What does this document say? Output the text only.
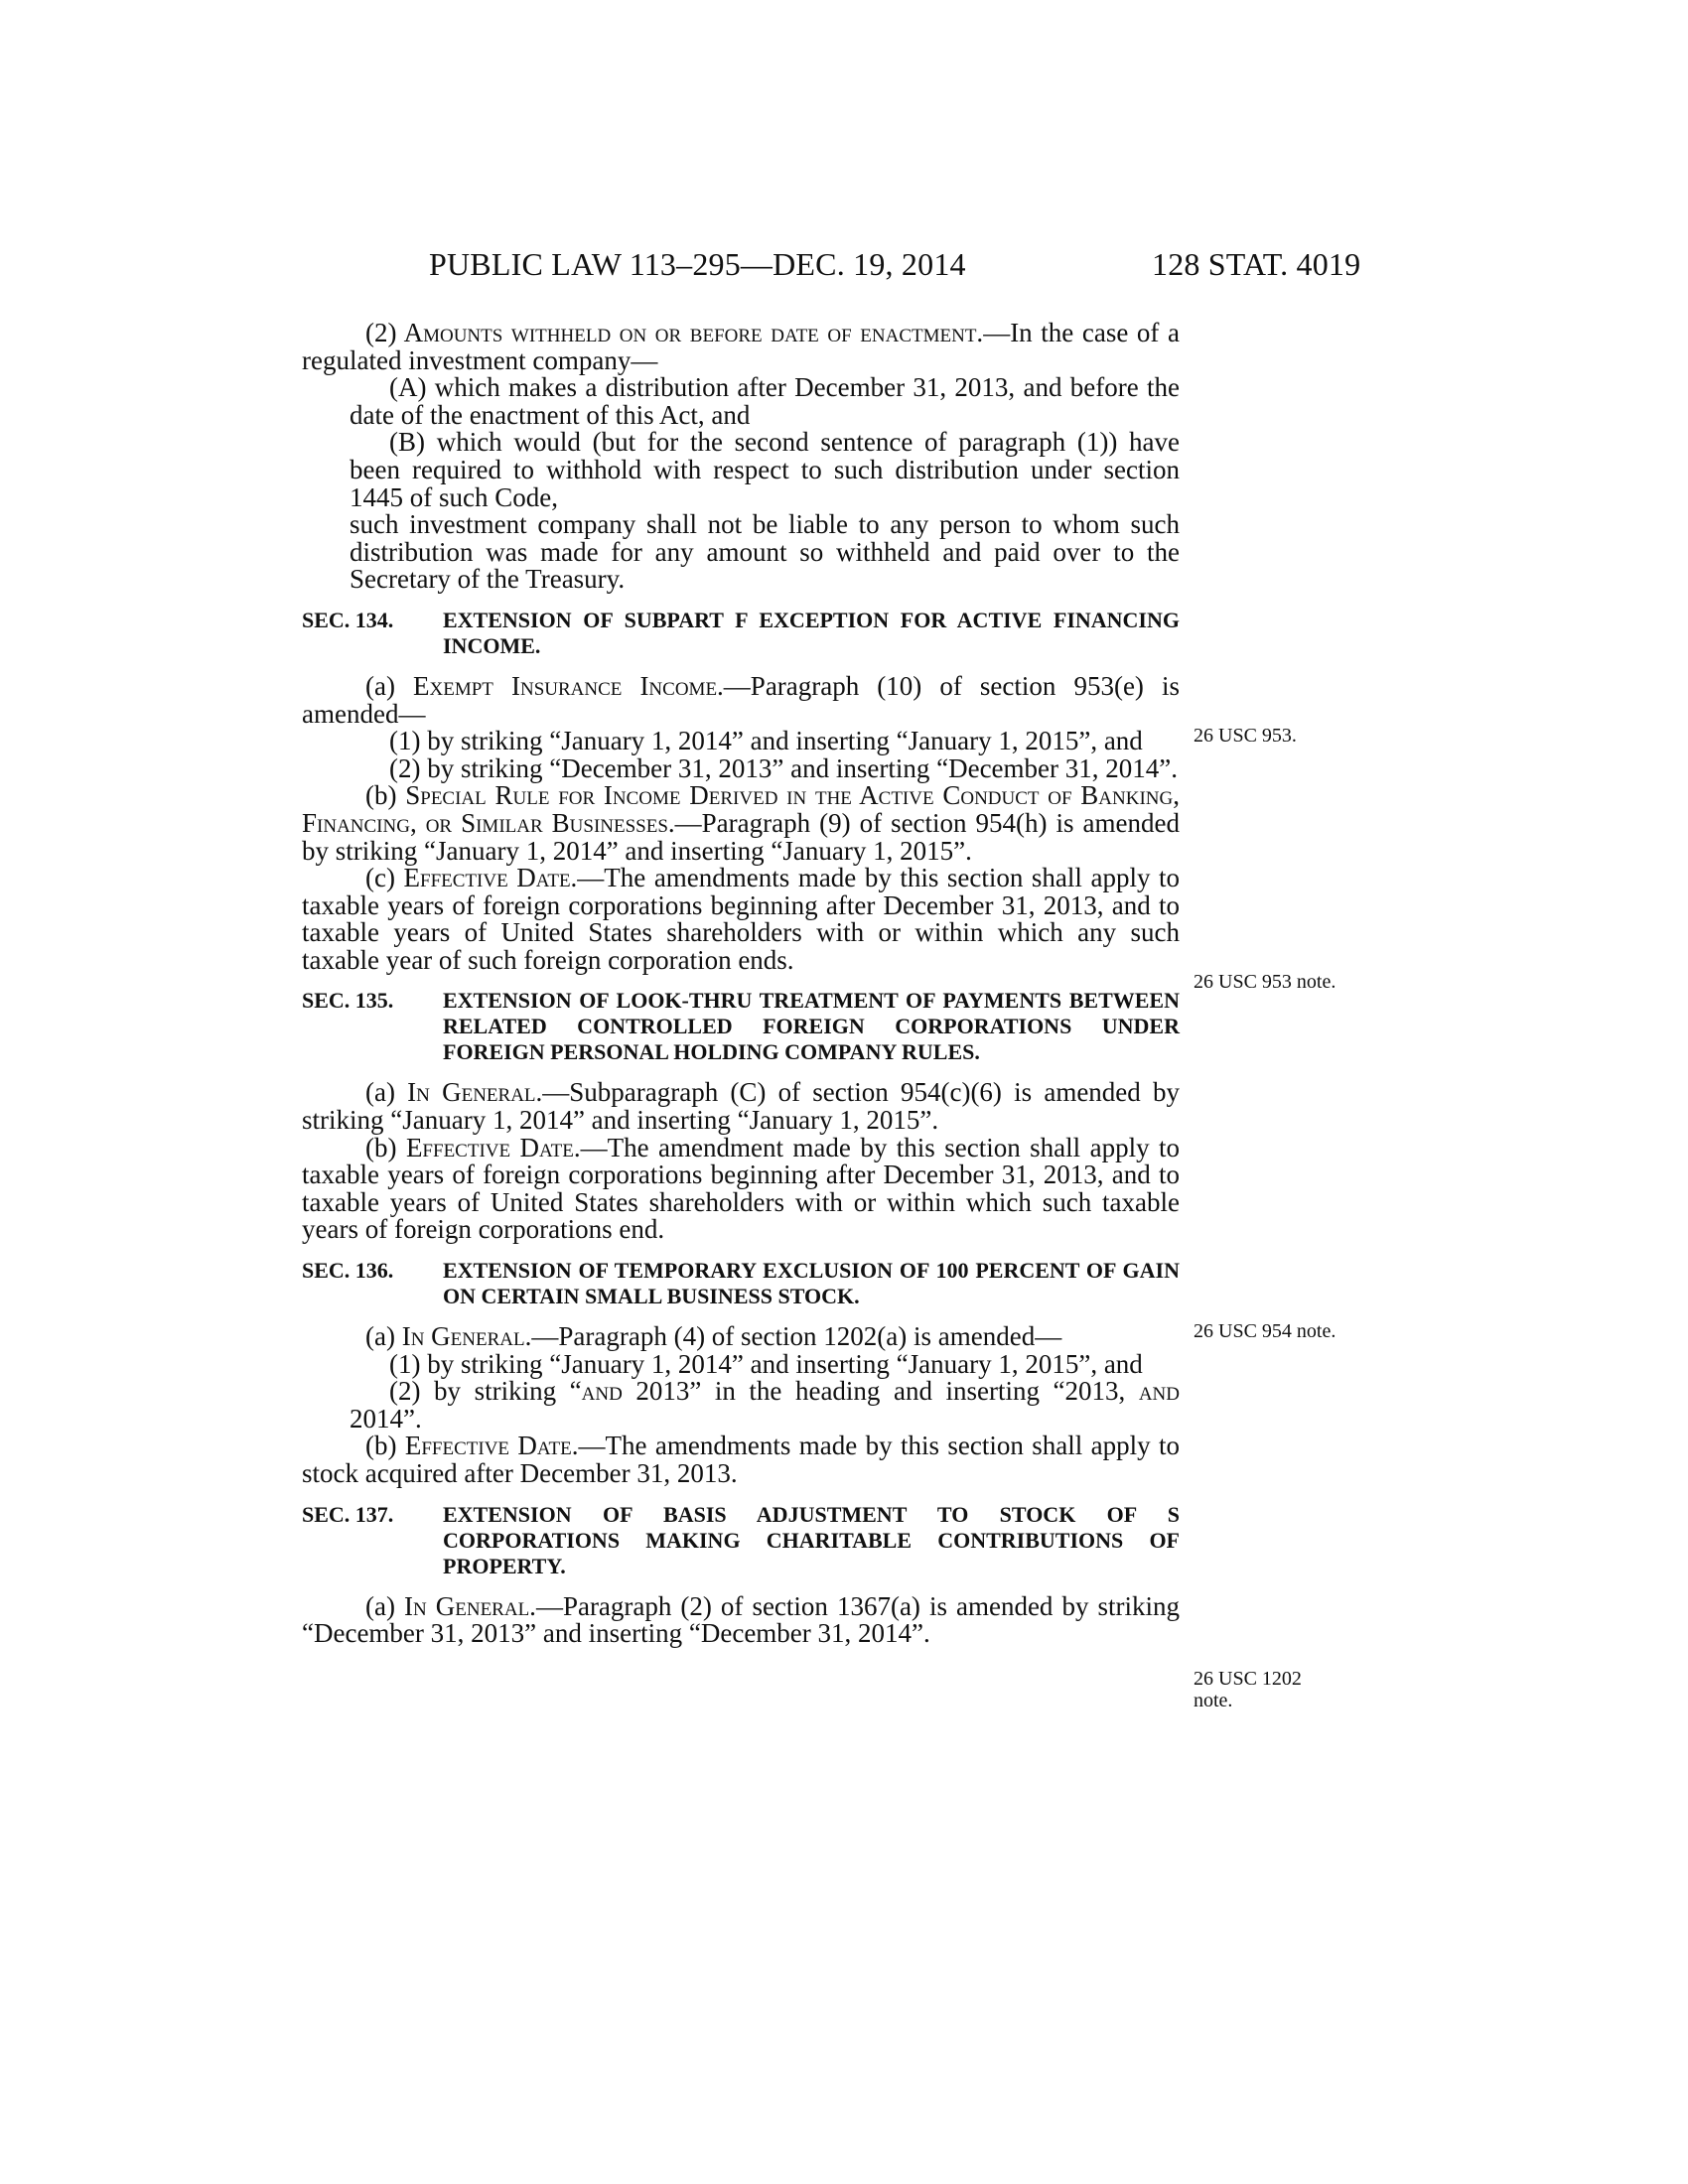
PUBLIC LAW 113–295—DEC. 19, 2014	128 STAT. 4019
26 USC 953.
26 USC 953 note.
26 USC 954 note.
26 USC 1202
note.

(2) Amounts withheld on or before date of enactment.—In the case of a regulated investment company—

(A) which makes a distribution after December 31, 2013, and before the date of the enactment of this Act, and

(B) which would (but for the second sentence of paragraph (1)) have been required to withhold with respect to such distribution under section 1445 of such Code,

such investment company shall not be liable to any person to whom such distribution was made for any amount so withheld and paid over to the Secretary of the Treasury.

SEC. 134. EXTENSION OF SUBPART F EXCEPTION FOR ACTIVE FINANCING INCOME.

(a) Exempt Insurance Income.—Paragraph (10) of section 953(e) is amended—

(1) by striking “January 1, 2014” and inserting “January 1, 2015”, and

(2) by striking “December 31, 2013” and inserting “December 31, 2014”.

(b) Special Rule for Income Derived in the Active Conduct of Banking, Financing, or Similar Businesses.—Paragraph (9) of section 954(h) is amended by striking “January 1, 2014” and inserting “January 1, 2015”.

(c) Effective Date.—The amendments made by this section shall apply to taxable years of foreign corporations beginning after December 31, 2013, and to taxable years of United States shareholders with or within which any such taxable year of such foreign corporation ends.

SEC. 135. EXTENSION OF LOOK-THRU TREATMENT OF PAYMENTS BETWEEN RELATED CONTROLLED FOREIGN CORPORATIONS UNDER FOREIGN PERSONAL HOLDING COMPANY RULES.

(a) In General.—Subparagraph (C) of section 954(c)(6) is amended by striking “January 1, 2014” and inserting “January 1, 2015”.

(b) Effective Date.—The amendment made by this section shall apply to taxable years of foreign corporations beginning after December 31, 2013, and to taxable years of United States shareholders with or within which such taxable years of foreign corporations end.

SEC. 136. EXTENSION OF TEMPORARY EXCLUSION OF 100 PERCENT OF GAIN ON CERTAIN SMALL BUSINESS STOCK.

(a) In General.—Paragraph (4) of section 1202(a) is amended—

(1) by striking “January 1, 2014” and inserting “January 1, 2015”, and

(2) by striking “and 2013” in the heading and inserting “2013, and 2014”.

(b) Effective Date.—The amendments made by this section shall apply to stock acquired after December 31, 2013.

SEC. 137. EXTENSION OF BASIS ADJUSTMENT TO STOCK OF S CORPORATIONS MAKING CHARITABLE CONTRIBUTIONS OF PROPERTY.

(a) In General.—Paragraph (2) of section 1367(a) is amended by striking “December 31, 2013” and inserting “December 31, 2014”.
